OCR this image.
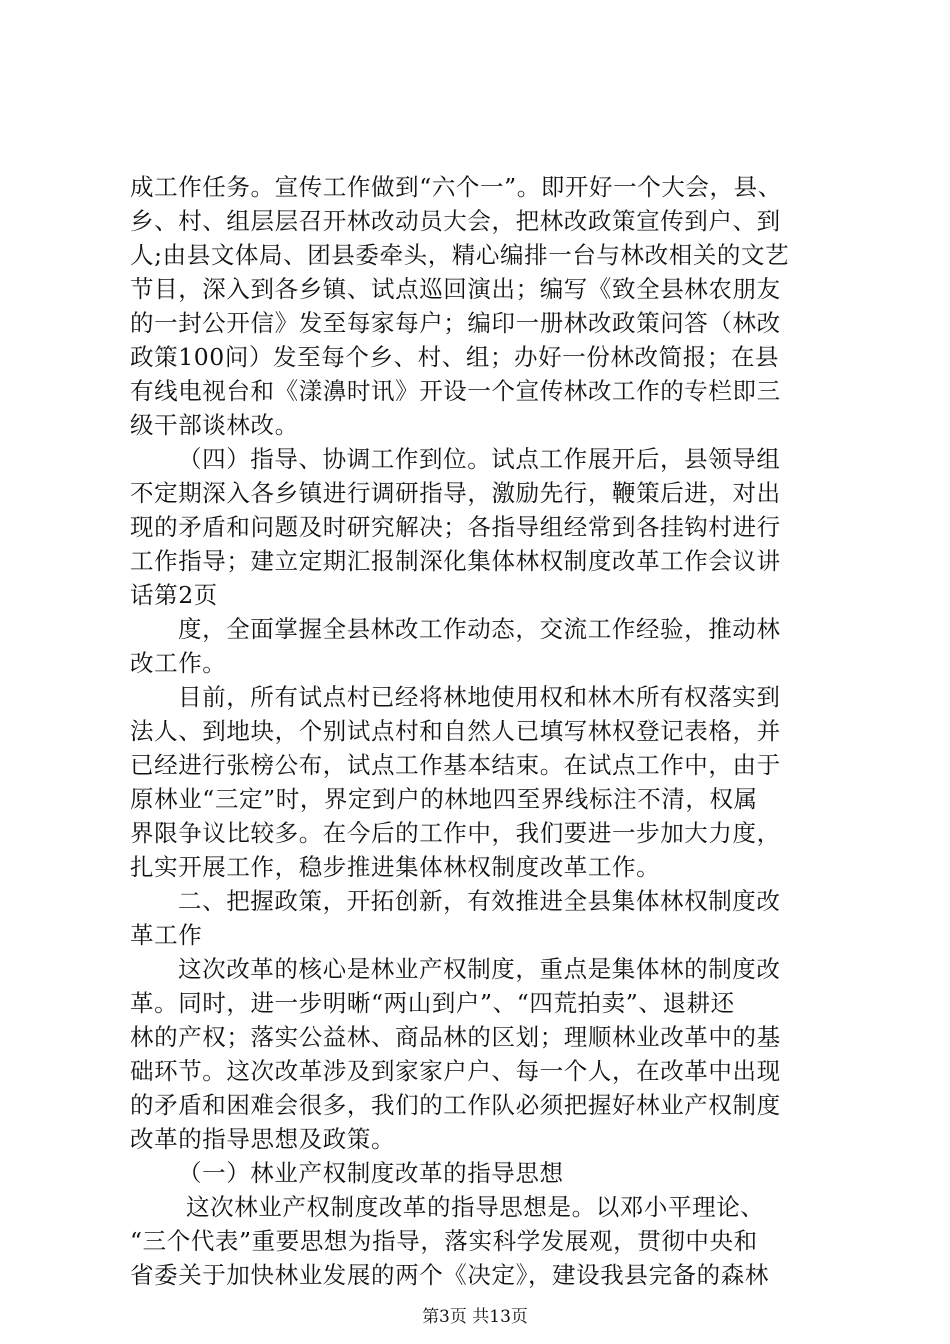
成工作任务。宣传工作做到“六个一”。即开好一个大会，县、
乡、村、组层层召开林改动员大会，把林改政策宣传到户、到
人;由县文体局、团县委牵头，精心编排一台与林改相关的文艺
节目，深入到各乡镇、试点巡回演出；编写《致全县林农朋友
的一封公开信》发至每家每户；编印一册林改政策问答（林改
政策100问）发至每个乡、村、组；办好一份林改简报；在县
有线电视台和《漾濞时讯》开设一个宣传林改工作的专栏即三
级干部谈林改。
（四）指导、协调工作到位。试点工作展开后，县领导组
不定期深入各乡镇进行调研指导，激励先行，鞭策后进，对出
现的矛盾和问题及时研究解决；各指导组经常到各挂钩村进行
工作指导；建立定期汇报制深化集体林权制度改革工作会议讲
话第2页
度，全面掌握全县林改工作动态，交流工作经验，推动林
改工作。
目前，所有试点村已经将林地使用权和林木所有权落实到
法人、到地块，个别试点村和自然人已填写林权登记表格，并
已经进行张榜公布，试点工作基本结束。在试点工作中，由于
原林业“三定”时，界定到户的林地四至界线标注不清，权属
界限争议比较多。在今后的工作中，我们要进一步加大力度，
扎实开展工作，稳步推进集体林权制度改革工作。
二、把握政策，开拓创新，有效推进全县集体林权制度改
革工作
这次改革的核心是林业产权制度，重点是集体林的制度改
革。同时，进一步明晰“两山到户”、“四荒拍卖”、退耕还
林的产权；落实公益林、商品林的区划；理顺林业改革中的基
础环节。这次改革涉及到家家户户、每一个人，在改革中出现
的矛盾和困难会很多，我们的工作队必须把握好林业产权制度
改革的指导思想及政策。
（一）林业产权制度改革的指导思想
这次林业产权制度改革的指导思想是。以邓小平理论、
“三个代表”重要思想为指导，落实科学发展观，贯彻中央和
省委关于加快林业发展的两个《决定》，建设我县完备的森林
第3页 共13页
